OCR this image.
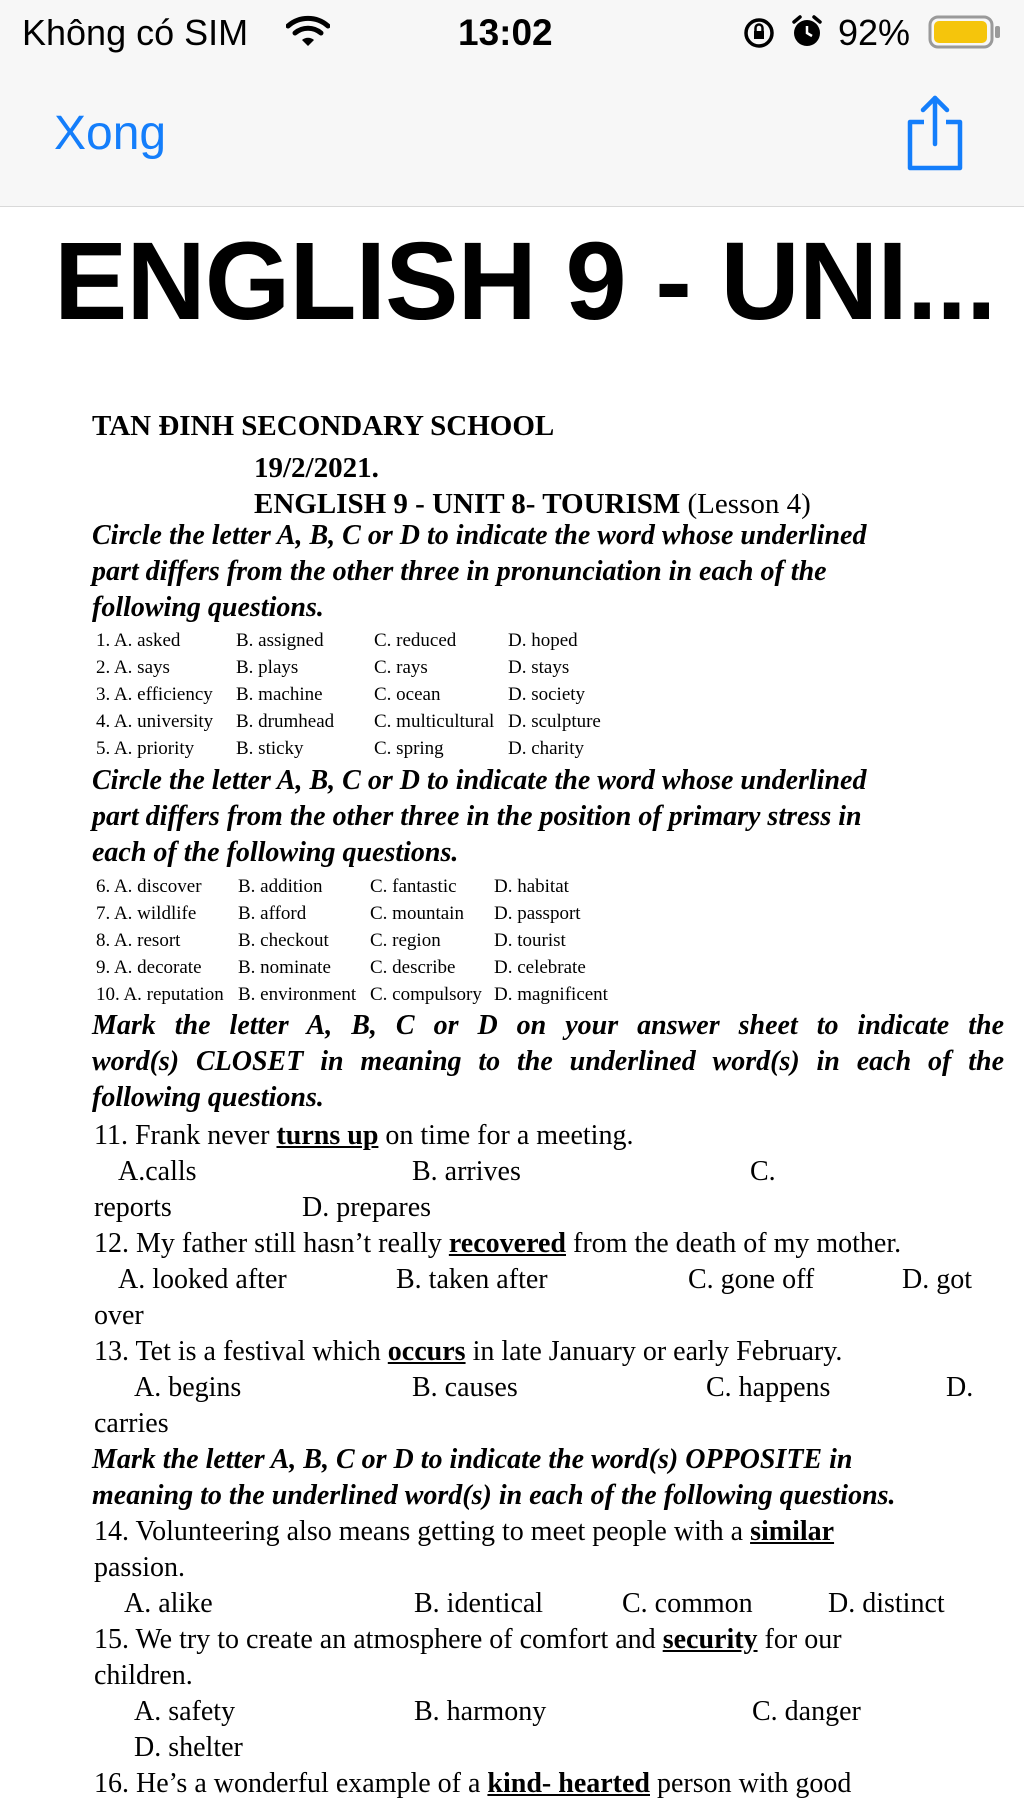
Không có SIM	13:02	92%
Xong
ENGLISH 9 - UNI...
TAN ĐINH SECONDARY SCHOOL
19/2/2021.
ENGLISH 9 - UNIT 8- TOURISM (Lesson 4)
Circle the letter A, B, C or D to indicate the word whose underlined
part differs from the other three in pronunciation in each of the
following questions.
1. A. asked	B. assigned	C. reduced	D. hoped
2. A. says	B. plays	C. rays	D. stays
3. A. efficiency B. machine	C. ocean	D. society
4. A. university B. drumhead C. multicultural D. sculpture
5. A. priority B. sticky	C. spring	D. charity
Circle the letter A, B, C or D to indicate the word whose underlined
part differs from the other three in the position of primary stress in
each of the following questions.
6. A. discover B. addition	C. fantastic D. habitat
7. A. wildlife B. afford	C. mountain D. passport
8. A. resort	B. checkout C. region	D. tourist
9. A. decorate B. nominate C. describe D. celebrate
10. A. reputation B. environment C. compulsory D. magnificent
Mark the letter A, B, C or D on your answer sheet to indicate the
word(s) CLOSET in meaning to the underlined word(s) in each of the
following questions.
11. Frank never turns up on time for a meeting.
A.calls	B. arrives	C.
reports	D. prepares
12. My father still hasn’t really recovered from the death of my mother.
A. looked after	B. taken after	C. gone off	D. got
over
13. Tet is a festival which occurs in late January or early February.
A. begins	B. causes	C. happens	D.
carries
Mark the letter A, B, C or D to indicate the word(s) OPPOSITE in
meaning to the underlined word(s) in each of the following questions.
14. Volunteering also means getting to meet people with a similar
passion.
A. alike	B. identical	C. common	D. distinct
15. We try to create an atmosphere of comfort and security for our
children.
A. safety	B. harmony	C. danger
D. shelter
16. He’s a wonderful example of a kind- hearted person with good
